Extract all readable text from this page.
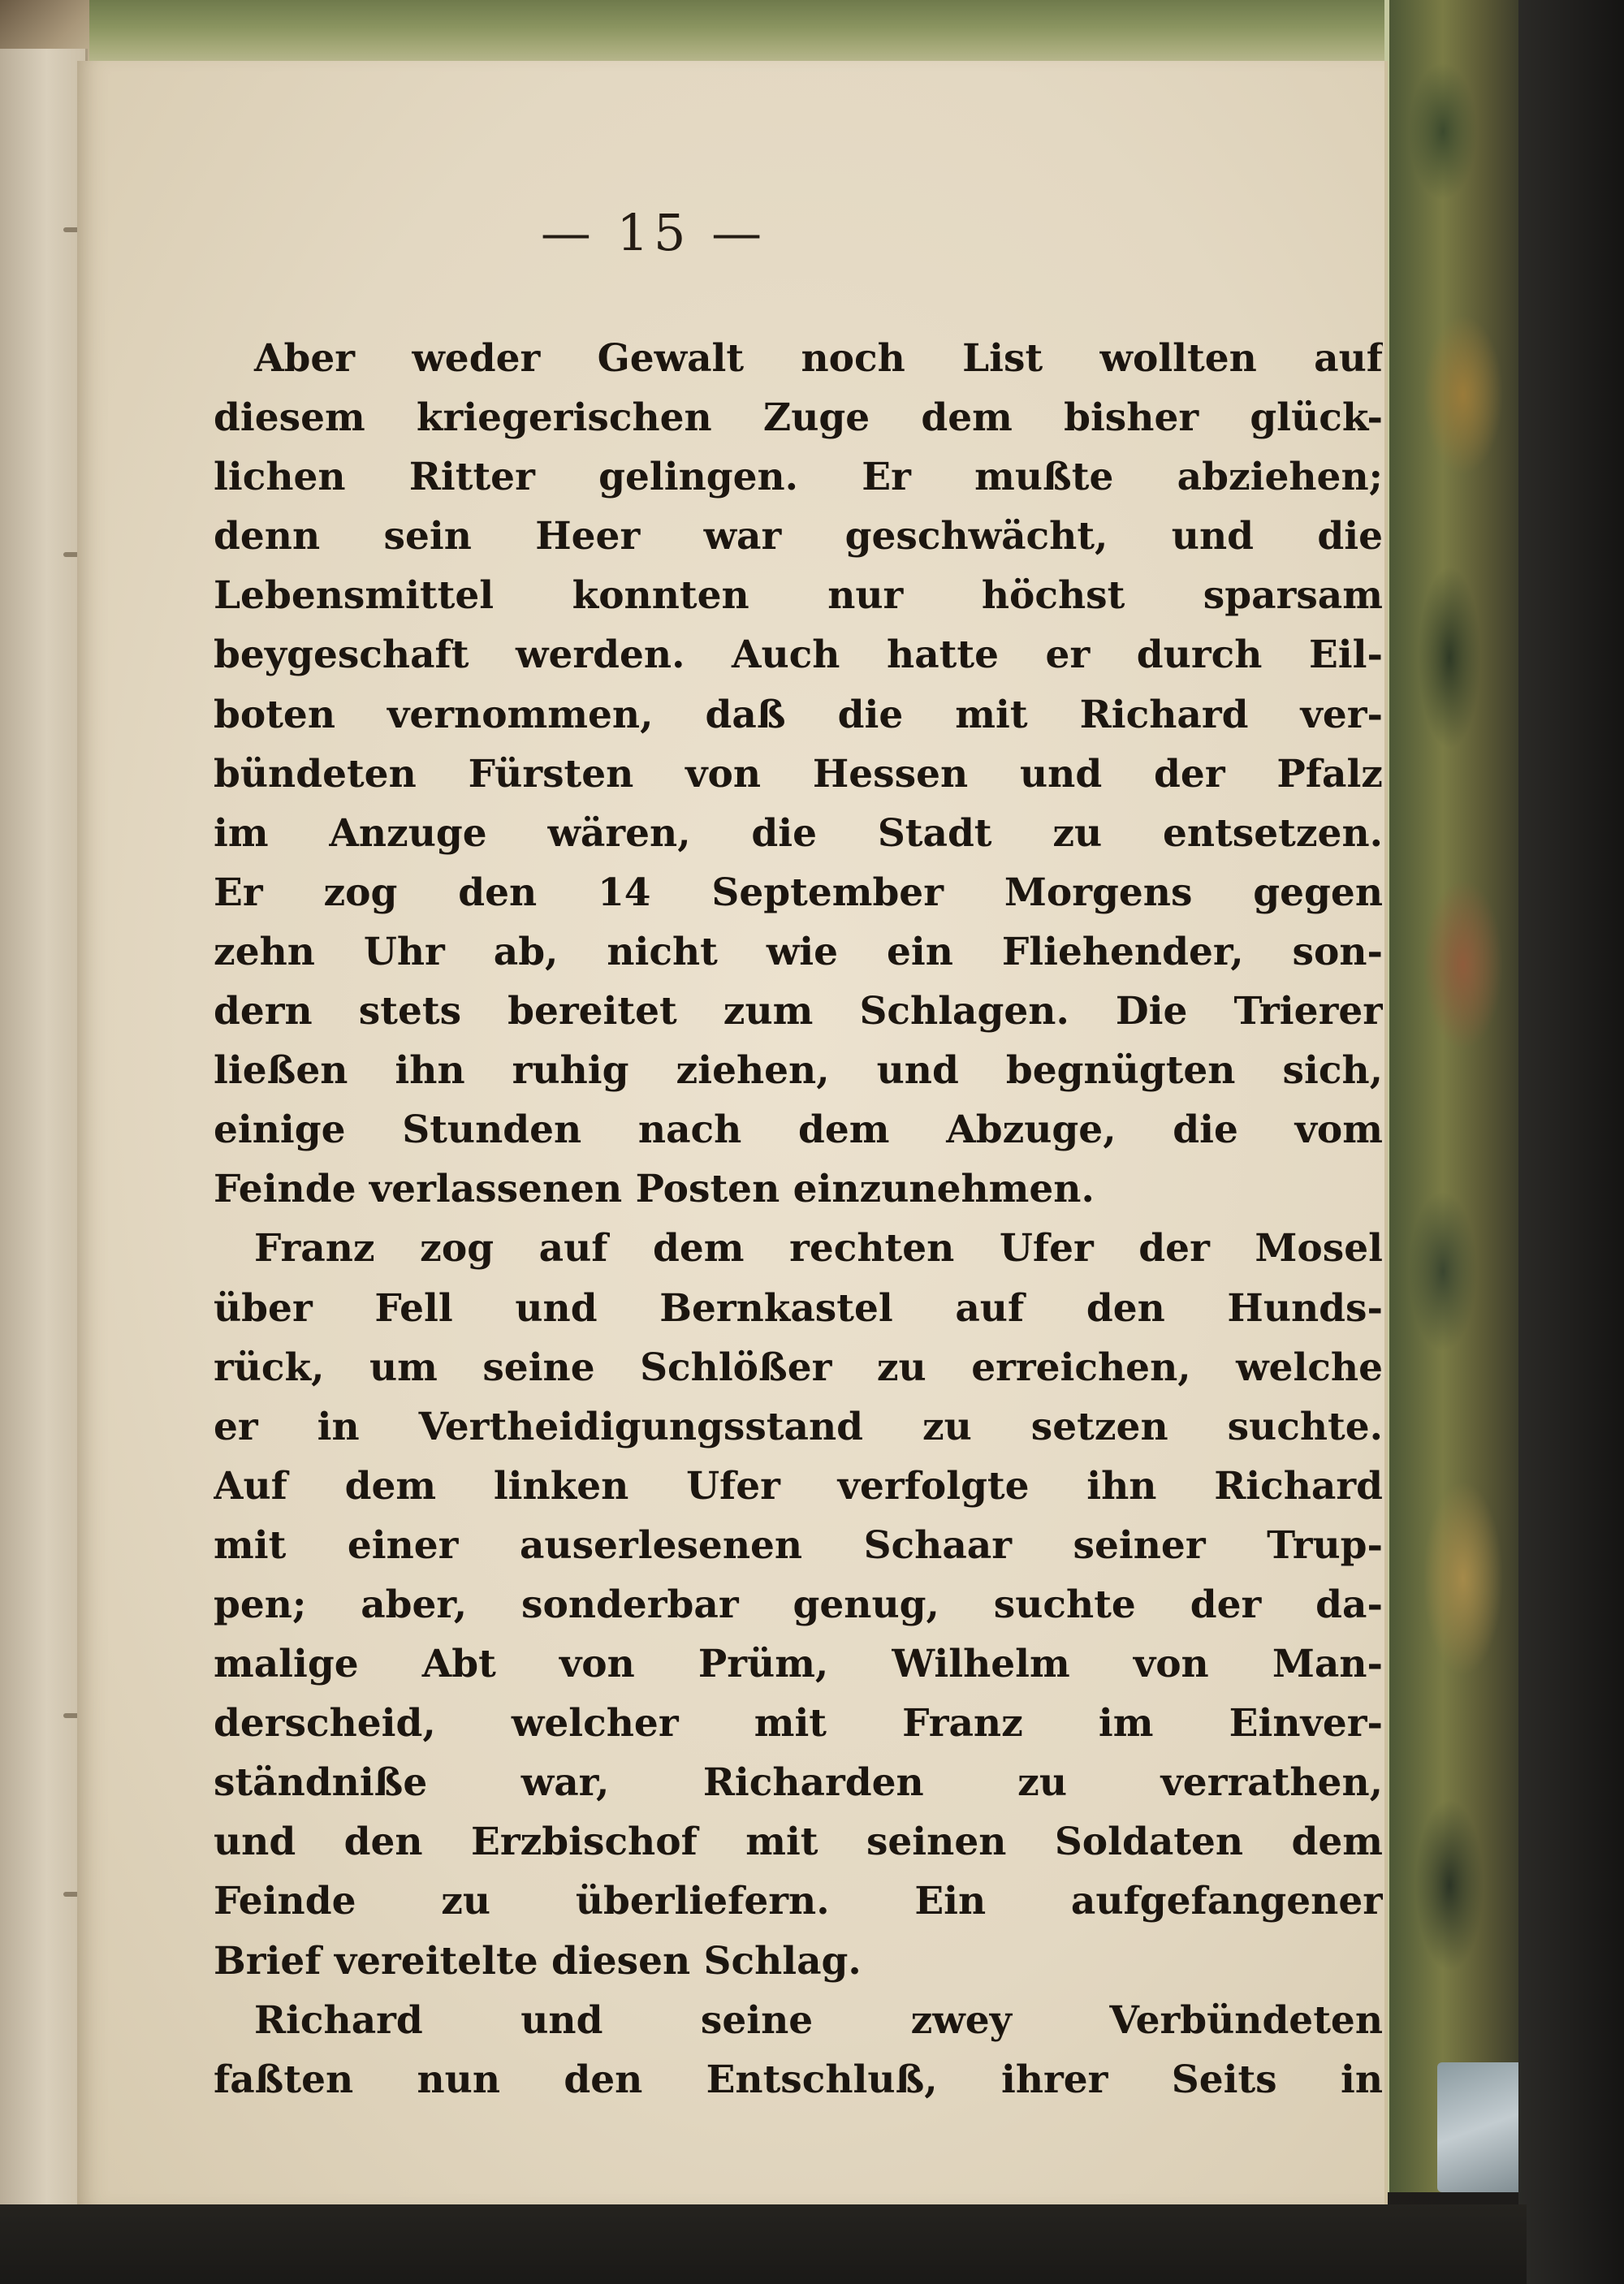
— 15 —
Aber weder Gewalt noch List wollten auf
diesem kriegerischen Zuge dem bisher glück-
lichen Ritter gelingen. Er mußte abziehen;
denn sein Heer war geschwächt, und die
Lebensmittel konnten nur höchst sparsam
beygeschaft werden. Auch hatte er durch Eil-
boten vernommen, daß die mit Richard ver-
bündeten Fürsten von Hessen und der Pfalz
im Anzuge wären, die Stadt zu entsetzen.
Er zog den 14 September Morgens gegen
zehn Uhr ab, nicht wie ein Fliehender, son-
dern stets bereitet zum Schlagen. Die Trierer
ließen ihn ruhig ziehen, und begnügten sich,
einige Stunden nach dem Abzuge, die vom
Feinde verlassenen Posten einzunehmen.
Franz zog auf dem rechten Ufer der Mosel
über Fell und Bernkastel auf den Hunds-
rück, um seine Schlößer zu erreichen, welche
er in Vertheidigungsstand zu setzen suchte.
Auf dem linken Ufer verfolgte ihn Richard
mit einer auserlesenen Schaar seiner Trup-
pen; aber, sonderbar genug, suchte der da-
malige Abt von Prüm, Wilhelm von Man-
derscheid, welcher mit Franz im Einver-
ständniße war, Richarden zu verrathen,
und den Erzbischof mit seinen Soldaten dem
Feinde zu überliefern. Ein aufgefangener
Brief vereitelte diesen Schlag.
Richard und seine zwey Verbündeten
faßten nun den Entschluß, ihrer Seits in
